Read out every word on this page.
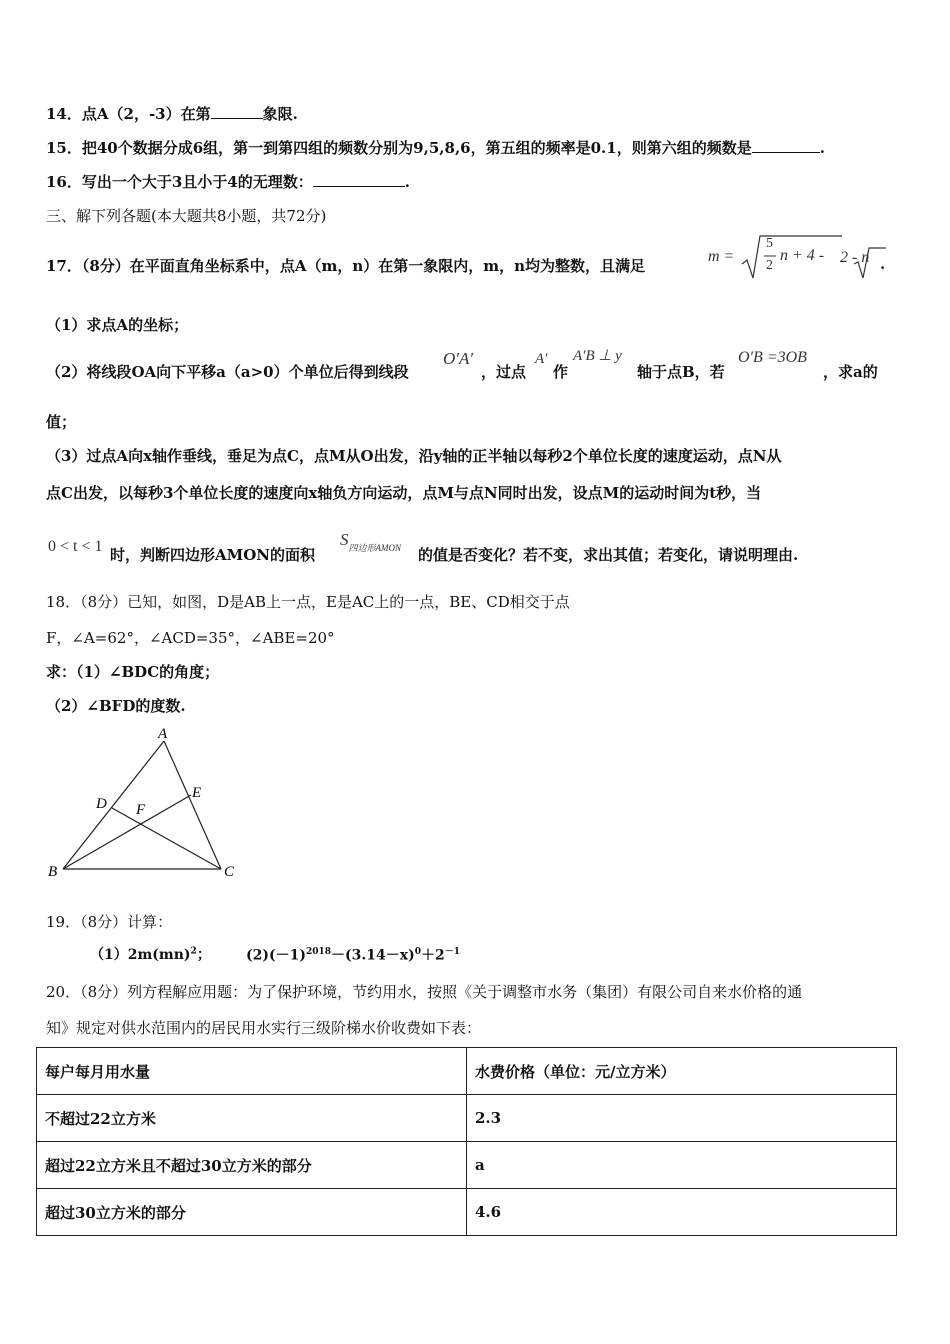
14．点A（2，-3）在第	象限.
15．把40个数据分成6组，第一到第四组的频数分别为9,5,8,6，第五组的频率是0.1，则第六组的频数是	.
16．写出一个大于3且小于4的无理数：	.
三、解下列各题(本大题共8小题，共72分)
17．（8分）在平面直角坐标系中，点A（m，n）在第一象限内，m，n均为整数，且满足
m =
5
2
n + 4 - 2 - n .
（1）求点A的坐标；
（2）将线段OA向下平移a（a>0）个单位后得到线段
O′A′
，过点
A′
作
A′B ⊥ y
轴于点B，若
O′B =3OB
，求a的
值；
（3）过点A向x轴作垂线，垂足为点C，点M从O出发，沿y轴的正半轴以每秒2个单位长度的速度运动，点N从
点C出发，以每秒3个单位长度的速度向x轴负方向运动，点M与点N同时出发，设点M的运动时间为t秒，当
0 < t < 1 时，判断四边形AMON的面积
$S_{四边形AMON}$ 的值是否变化？若不变，求出其值；若变化，请说明理由.
18．（8分）已知，如图，D是AB上一点，E是AC上的一点，BE、CD相交于点
F，∠A=62°，∠ACD=35°，∠ABE=20°
求：（1）∠BDC的角度；
（2）∠BFD的度数.
A
B	C
D
E
F
19．（8分）计算：
（1）2m(mn)$^2$；	$(2)(-1)^{2018}-(3.14-x)^0+2^{-1}$
20．（8分）列方程解应用题：为了保护环境，节约用水，按照《关于调整市水务（集团）有限公司自来水价格的通
知》规定对供水范围内的居民用水实行三级阶梯水价收费如下表：
每户每月用水量	水费价格（单位：元/立方米）
不超过22立方米	2.3
超过22立方米且不超过30立方米的部分	a
超过30立方米的部分	4.6
